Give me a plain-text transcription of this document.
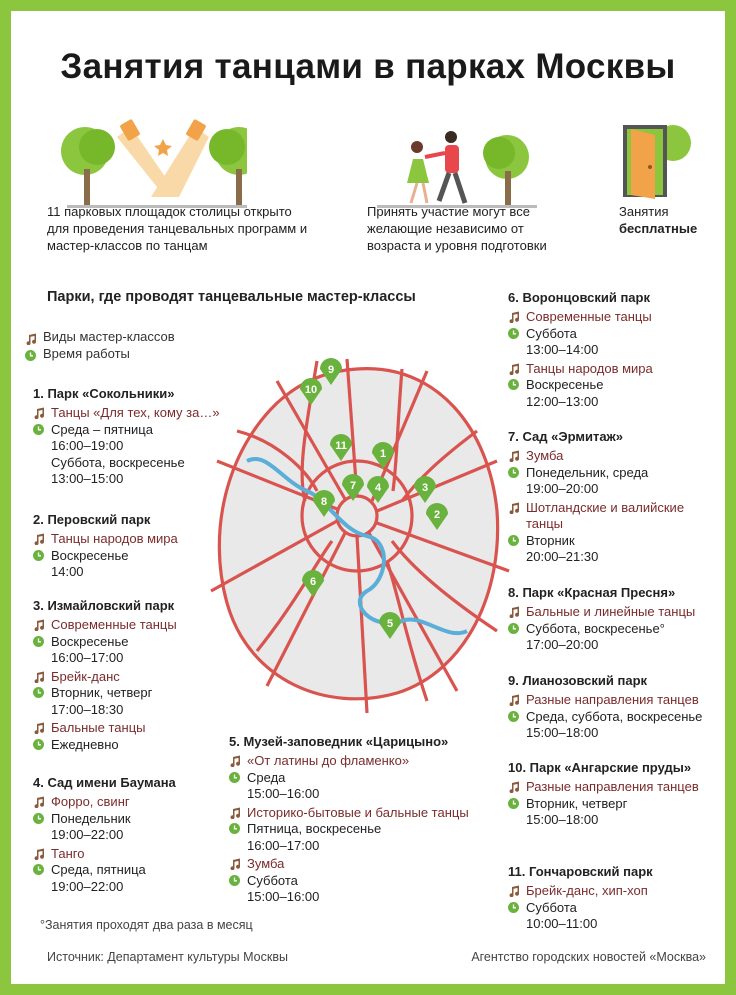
Занятия танцами в парках Москвы
11 парковых площадок столицы открыто для проведения танцевальных программ и мастер-классов по танцам
Принять участие могут все желающие независимо от возраста и уровня подготовки
Занятия
бесплатные
Парки, где проводят танцевальные мастер-классы
Виды мастер-классов
Время работы
9
10
11
1
7 4	3
8
2
6
5
1. Парк «Сокольники»
Танцы «Для тех, кому за…»
Среда – пятница
16:00–19:00
Суббота, воскресенье
13:00–15:00
2. Перовский парк
Танцы народов мира
Воскресенье
14:00
3. Измайловский парк
Современные танцы
Воскресенье
16:00–17:00
Брейк-данс
Вторник, четверг
17:00–18:30
Бальные танцы
Ежедневно
4. Сад имени Баумана
Форро, свинг
Понедельник
19:00–22:00
Танго
Среда, пятница
19:00–22:00
5. Музей-заповедник «Царицыно»
«От латины до фламенко»
Среда
15:00–16:00
Историко-бытовые и бальные танцы
Пятница, воскресенье
16:00–17:00
Зумба
Суббота
15:00–16:00
6. Воронцовский парк
Современные танцы
Суббота
13:00–14:00
Танцы народов мира
Воскресенье
12:00–13:00
7. Сад «Эрмитаж»
Зумба
Понедельник, среда
19:00–20:00
Шотландские и валийские танцы
Вторник
20:00–21:30
8. Парк «Красная Пресня»
Бальные и линейные танцы
Суббота, воскресенье°
17:00–20:00
9. Лианозовский парк
Разные направления танцев
Среда, суббота, воскресенье
15:00–18:00
10. Парк «Ангарские пруды»
Разные направления танцев
Вторник, четверг
15:00–18:00
11. Гончаровский парк
Брейк-данс, хип-хоп
Суббота
10:00–11:00
°Занятия проходят два раза в месяц
Источник: Департамент культуры Москвы	Агентство городских новостей «Москва»
